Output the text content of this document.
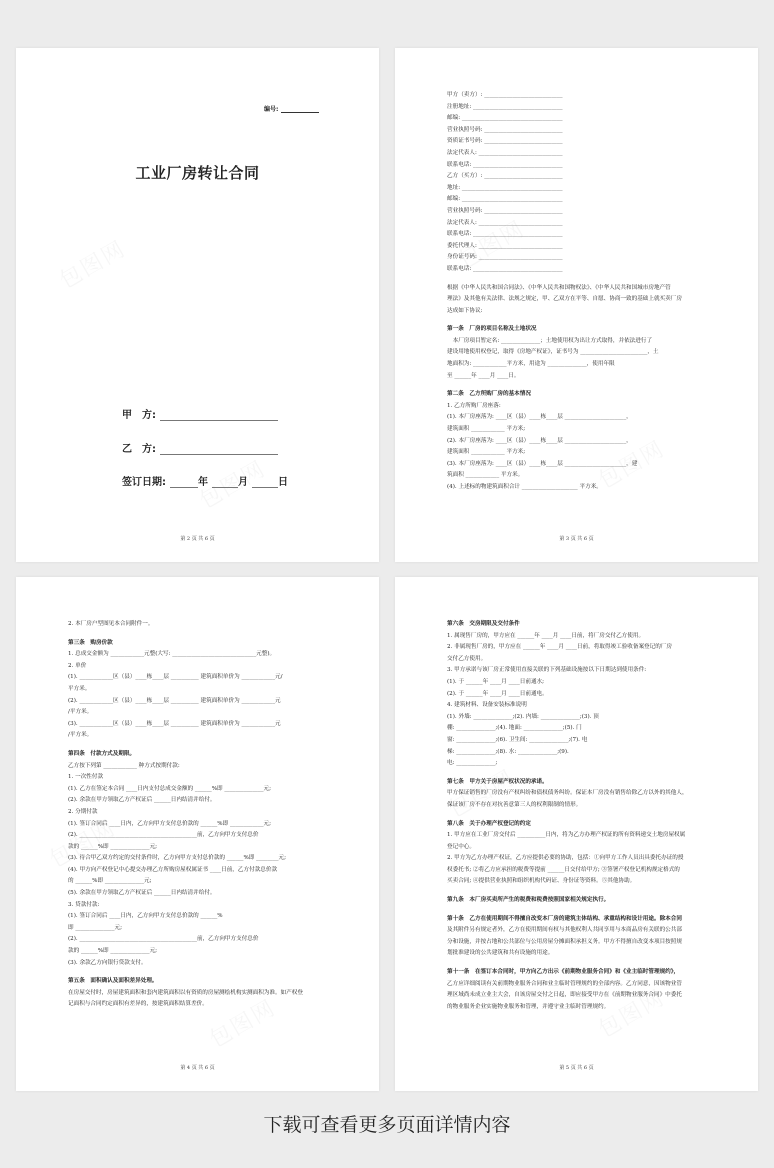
编号:
工业厂房转让合同
甲　方:
乙　方:
签订日期:	年	月	日
第 2 页 共 6 页
甲方（卖方）: ____________________________
注册地址: ________________________________
邮编: ____________________________________
营业执照号码: ____________________________
资质证书号码: ____________________________
法定代表人: ______________________________
联系电话: ________________________________
乙方（买方）: ____________________________
地址: ____________________________________
邮编: ____________________________________
营业执照号码: ____________________________
法定代表人: ______________________________
联系电话: ________________________________
委托代理人: ______________________________
身份证号码: ______________________________
联系电话: ________________________________
根据《中华人民共和国合同法》、《中华人民共和国物权法》、《中华人民共和国城市房地产管
理法》及其他有关法律、法规之规定，甲、乙双方在平等、自愿、协商一致的基础上就买卖厂房
达成如下协议:
第一条　厂房的项目名称及土地状况
　本厂房项目暂定名: ______________；土地使用权为出让方式取得，并依法进行了
建设用地使用权登记，取得《房地产权证》，证书号为 ________________________，土
地面积为: ____________平方米，用途为 ______________，使用年限
至 ______年 ____月 ____日。
第二条　乙方所购厂房的基本情况
1. 乙方所购厂房座落:
(1). 本厂房座落为: ____区（县）____栋____层 ______________________，
建筑面积 ____________ 平方米;
(2). 本厂房座落为: ____区（县）____栋____层 ______________________，
建筑面积 ____________ 平方米;
(3). 本厂房座落为: ____区（县）____栋____层 ______________________，建
筑面积 ____________ 平方米。
(4). 上述标的物建筑面积合计 ____________________ 平方米。
第 3 页 共 6 页
2. 本厂房户型图见本合同附件一。
第三条　购房价款
1. 总成交金额为 ____________元整(大写: ______________________________元整)。
2. 单价
(1). ____________区（县）____栋____层 __________ 建筑面积单价为 ____________元/
平方米。
(2). ____________区（县）____栋____层 __________ 建筑面积单价为 ____________元
/平方米。
(3). ____________区（县）____栋____层 __________ 建筑面积单价为 ____________元
/平方米。
第四条　付款方式及期限。
乙方按下列第 ____________ 种方式按期付款:
1. 一次性付款
(1). 乙方在签定本合同 ____日内支付总成交金额的 ______%即 ______________元;
(2). 余款在甲方领取乙方产权证后 ______日内结清并给付。
2. 分期付款
(1). 签订合同后 ____日内，乙方向甲方支付总价款的 ______%即 ____________元;
(2). __________________________________________前，乙方向甲方支付总价
款的 ______%即 ______________元;
(3). 待合甲乙双方约定的交付条件时，乙方向甲方支付总价款的 ______%即 ________元;
(4). 甲方向产权登记中心提交办理乙方所购房屋权属证书 ____日前，乙方付款总价款
的 ______%即 ______________元;
(5). 余款在甲方领取乙方产权证后 ______日内结清并给付。
3. 贷款付款:
(1). 签订合同后 ____日内，乙方向甲方支付总价款的 ______%
即 ______________元;
(2). __________________________________________前，乙方向甲方支付总价
款的 ______%即 ______________元;
(3). 余款乙方向银行贷款支付。
第五条　面积确认及面积差异处理。
在房屋交付时，房屋建筑面积和套内建筑面积以有资质的房屋测绘机构实测面积为准。如产权登
记面积与合同约定面积有差异的，按建筑面积结算差价。
第 4 页 共 6 页
第六条　交房期限及交付条件
1. 属现售厂房的，甲方应在 ______年 ____月 ____日前，将厂房交付乙方使用。
2. 非属现售厂房的，甲方应在 ______年 ____月 ____日前，将取得竣工验收备案登记的厂房
交付乙方使用。
3. 甲方承诺与该厂房正常使用直接关联的下列基础设施按以下日期达到使用条件:
(1). 于 ______年 ____月 ____日前通水;
(2). 于 ______年 ____月 ____日前通电。
4. 建筑材料、设备安装标准说明
(1). 外墙: ______________;(2). 内墙: ______________;(3). 顶
棚: ______________;(4). 地面: ______________;(5). 门
窗: ______________;(6). 卫生间: ______________;(7). 电
梯: ______________;(8). 水: ______________;(9).
电: ______________;
第七条　甲方关于房屋产权状况的承诺。
甲方保证销售的厂房没有产权纠纷和债权债务纠纷。保证本厂房没有销售给除乙方以外的其他人，
保证该厂房不存在对抗善意第三人的权利限制的情形。
第八条　关于办理产权登记的约定
1. 甲方应在工业厂房交付后 __________日内，将为乙方办理产权证的所有资料递交土地房屋权属
登记中心。
2. 甲方为乙方办理产权证，乙方应提供必要的协助，包括：①向甲方工作人员出具委托办证的授
权委托书; ②将乙方应承担的税费等提前 ______日交付给甲方; ③签署产权登记机构规定格式的
买卖合同; ④提供营业执照和组织机构代码证、身份证等资料。⑤其他协助。
第九条　本厂房买卖所产生的税费和税费按照国家相关规定执行。
第十条　乙方在使用期间不得擅自改变本厂房的建筑主体结构、承重结构和设计用途。除本合同
及其附件另有规定者外，乙方在使用期间有权与其他权利人共同享用与本商品房有关联的公共部
分和设施，并按占地和公共部位与公用房屋分摊面积承担义务。甲方不得擅自改变本项目按照规
划批准建设的公共建筑和共有设施的用途。
第十一条　在签订本合同时，甲方向乙方出示《前期物业服务合同》和《业主临时管理规约》，
乙方应详细阅读有关前期物业服务合同和业主临时管理规约的全部内容。乙方同意，因该物业管
理区域尚未成立业主大会，自该房屋交付之日起，即应接受甲方在《前期物业服务合同》中委托
的物业服务企业实施物业服务和管理，并遵守业主临时管理规约。
第 5 页 共 6 页
下载可查看更多页面详情内容
